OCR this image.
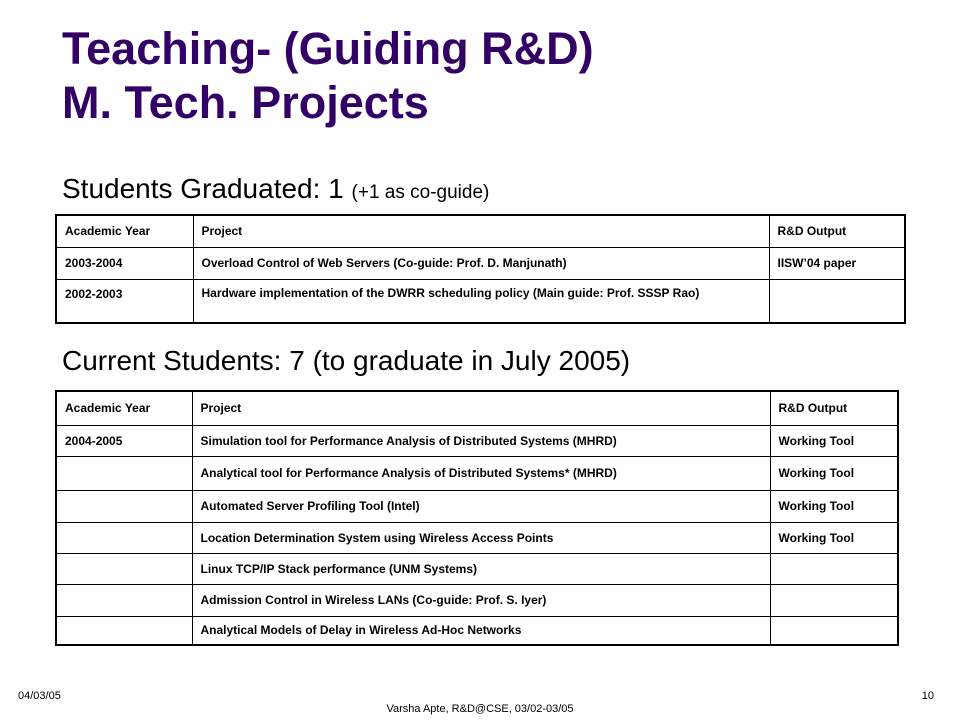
Teaching- (Guiding R&D)
M. Tech. Projects
Students Graduated: 1 (+1 as co-guide)
Academic Year	Project	R&D Output
2003-2004	Overload Control of Web Servers (Co-guide: Prof. D. Manjunath)	IISW’04 paper
2002-2003	Hardware implementation of the DWRR scheduling policy (Main guide: Prof. SSSP Rao)	
Current Students: 7 (to graduate in July 2005)
Academic Year	Project	R&D Output
2004-2005	Simulation tool for Performance Analysis of Distributed Systems (MHRD)	Working Tool
	Analytical tool for Performance Analysis of Distributed Systems* (MHRD)	Working Tool
	Automated Server Profiling Tool (Intel)	Working Tool
	Location Determination System using Wireless Access Points	Working Tool
	Linux TCP/IP Stack performance (UNM Systems)	
	Admission Control in Wireless LANs (Co-guide: Prof. S. Iyer)	
	Analytical Models of Delay in Wireless Ad-Hoc Networks	
04/03/05
Varsha Apte, R&D@CSE, 03/02-03/05
10
